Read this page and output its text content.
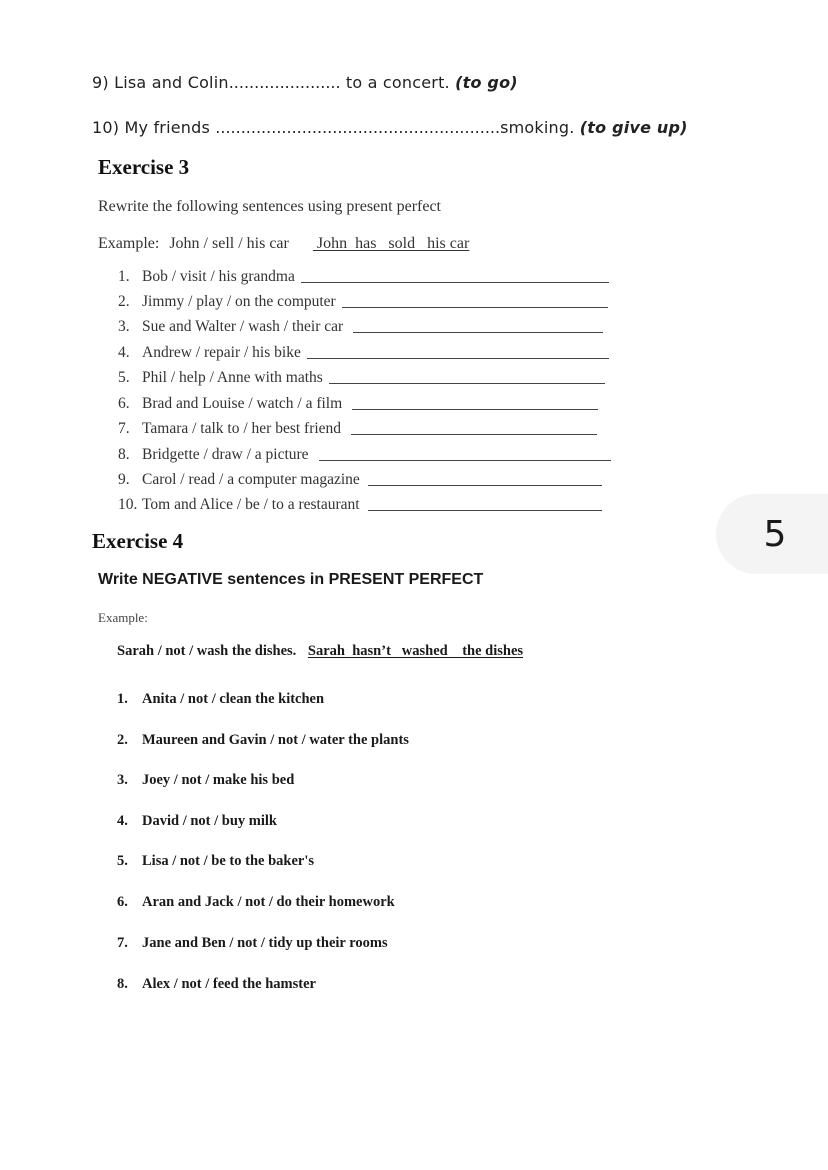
9) Lisa and Colin...................... to a concert. (to go)
10) My friends ........................................................smoking. (to give up)
Exercise 3
Rewrite the following sentences using present perfect
Example: John / sell / his car  John  has   sold   his car
1. Bob / visit / his grandma
2. Jimmy / play / on the computer
3. Sue and Walter / wash / their car
4. Andrew / repair / his bike
5. Phil / help / Anne with maths
6. Brad and Louise / watch / a film
7. Tamara / talk to / her best friend
8. Bridgette / draw / a picture
9. Carol / read / a computer magazine
10. Tom and Alice / be / to a restaurant
5
Exercise 4
Write NEGATIVE sentences in PRESENT PERFECT
Example:
Sarah / not / wash the dishes. Sarah  hasn’t   washed    the dishes
1. Anita / not / clean the kitchen
2. Maureen and Gavin / not / water the plants
3. Joey / not / make his bed
4. David / not / buy milk
5. Lisa / not / be to the baker's
6. Aran and Jack / not / do their homework
7. Jane and Ben / not / tidy up their rooms
8. Alex / not / feed the hamster
